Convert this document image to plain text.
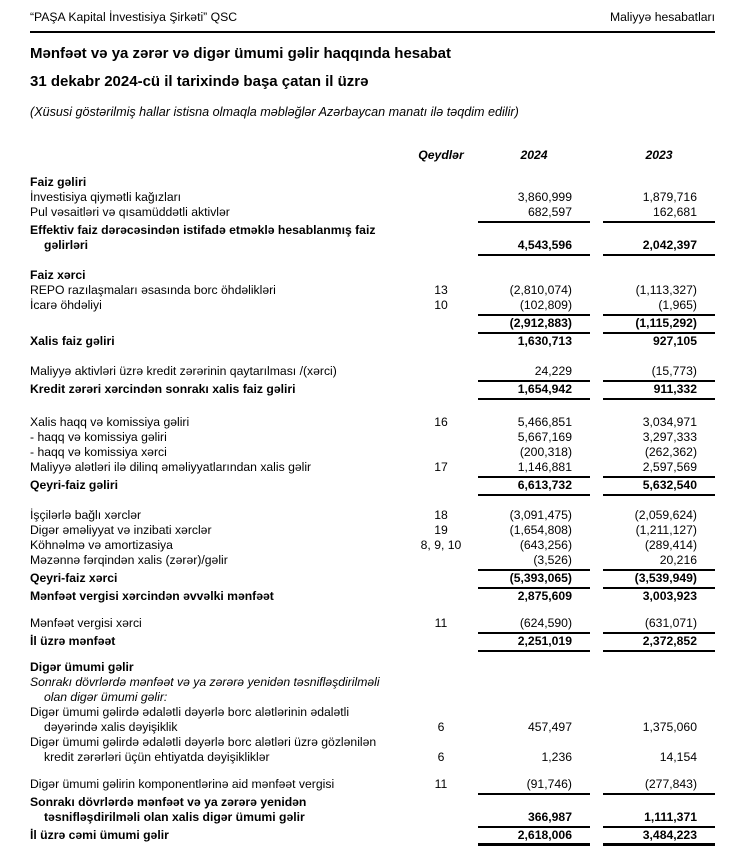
“PAŞA Kapital İnvestisiya Şirkəti” QSC	Maliyyə hesabatları
Mənfəət və ya zərər və digər ümumi gəlir haqqında hesabat
31 dekabr 2024-cü il tarixində başa çatan il üzrə
(Xüsusi göstərilmiş hallar istisna olmaqla məbləğlər Azərbaycan manatı ilə təqdim edilir)
Qeydlər	2024	2023
Faiz gəliri
İnvestisiya qiymətli kağızları	3,860,999	1,879,716
Pul vəsaitləri və qısamüddətli aktivlər	682,597	162,681
Effektiv faiz dərəcəsindən istifadə etməklə hesablanmış faiz
gəlirləri	4,543,596	2,042,397
Faiz xərci
REPO razılaşmaları əsasında borc öhdəlikləri	13	(2,810,074)	(1,113,327)
İcarə öhdəliyi	10	(102,809)	(1,965)
(2,912,883)	(1,115,292)
Xalis faiz gəliri	1,630,713	927,105
Maliyyə aktivləri üzrə kredit zərərinin qaytarılması /(xərci)	24,229	(15,773)
Kredit zərəri xərcindən sonrakı xalis faiz gəliri	1,654,942	911,332
Xalis haqq və komissiya gəliri	16	5,466,851	3,034,971
- haqq və komissiya gəliri	5,667,169	3,297,333
- haqq və komissiya xərci	(200,318)	(262,362)
Maliyyə alətləri ilə dilinq əməliyyatlarından xalis gəlir	17	1,146,881	2,597,569
Qeyri-faiz gəliri	6,613,732	5,632,540
İşçilərlə bağlı xərclər	18	(3,091,475)	(2,059,624)
Digər əməliyyat və inzibati xərclər	19	(1,654,808)	(1,211,127)
Köhnəlmə və amortizasiya	8, 9, 10	(643,256)	(289,414)
Məzənnə fərqindən xalis (zərər)/gəlir	(3,526)	20,216
Qeyri-faiz xərci	(5,393,065)	(3,539,949)
Mənfəət vergisi xərcindən əvvəlki mənfəət	2,875,609	3,003,923
Mənfəət vergisi xərci	11	(624,590)	(631,071)
İl üzrə mənfəət	2,251,019	2,372,852
Digər ümumi gəlir
Sonrakı dövrlərdə mənfəət və ya zərərə yenidən təsnifləşdirilməli
olan digər ümumi gəlir:
Digər ümumi gəlirdə ədalətli dəyərlə borc alətlərinin ədalətli
dəyərində xalis dəyişiklik	6	457,497	1,375,060
Digər ümumi gəlirdə ədalətli dəyərlə borc alətləri üzrə gözlənilən
kredit zərərləri üçün ehtiyatda dəyişikliklər	6	1,236	14,154
Digər ümumi gəlirin komponentlərinə aid mənfəət vergisi	11	(91,746)	(277,843)
Sonrakı dövrlərdə mənfəət və ya zərərə yenidən
təsnifləşdirilməli olan xalis digər ümumi gəlir	366,987	1,111,371
İl üzrə cəmi ümumi gəlir	2,618,006	3,484,223
